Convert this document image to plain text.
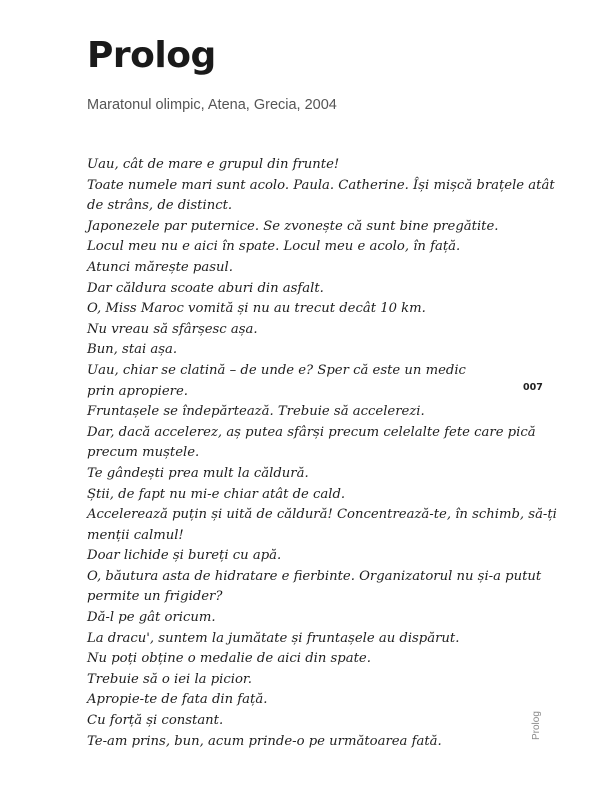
Prolog

Maratonul olimpic, Atena, Grecia, 2004

Uau, cât de mare e grupul din frunte!
Toate numele mari sunt acolo. Paula. Catherine. Își mișcă brațele atât
de strâns, de distinct.
Japonezele par puternice. Se zvonește că sunt bine pregătite.
Locul meu nu e aici în spate. Locul meu e acolo, în față.
Atunci mărește pasul.
Dar căldura scoate aburi din asfalt.
O, Miss Maroc vomită și nu au trecut decât 10 km.
Nu vreau să sfârșesc așa.
Bun, stai așa.
Uau, chiar se clatină – de unde e? Sper că este un medic
prin apropiere.
Fruntașele se îndepărtează. Trebuie să accelerezi.
Dar, dacă accelerez, aș putea sfârși precum celelalte fete care pică
precum muștele.
Te gândești prea mult la căldură.
Știi, de fapt nu mi-e chiar atât de cald.
Accelerează puțin și uită de căldură! Concentrează-te, în schimb, să-ți
menții calmul!
Doar lichide și bureți cu apă.
O, băutura asta de hidratare e fierbinte. Organizatorul nu și-a putut
permite un frigider?
Dă-l pe gât oricum.
La dracu', suntem la jumătate și fruntașele au dispărut.
Nu poți obține o medalie de aici din spate.
Trebuie să o iei la picior.
Apropie-te de fata din față.
Cu forță și constant.
Te-am prins, bun, acum prinde-o pe următoarea fată.
007
Prolog
